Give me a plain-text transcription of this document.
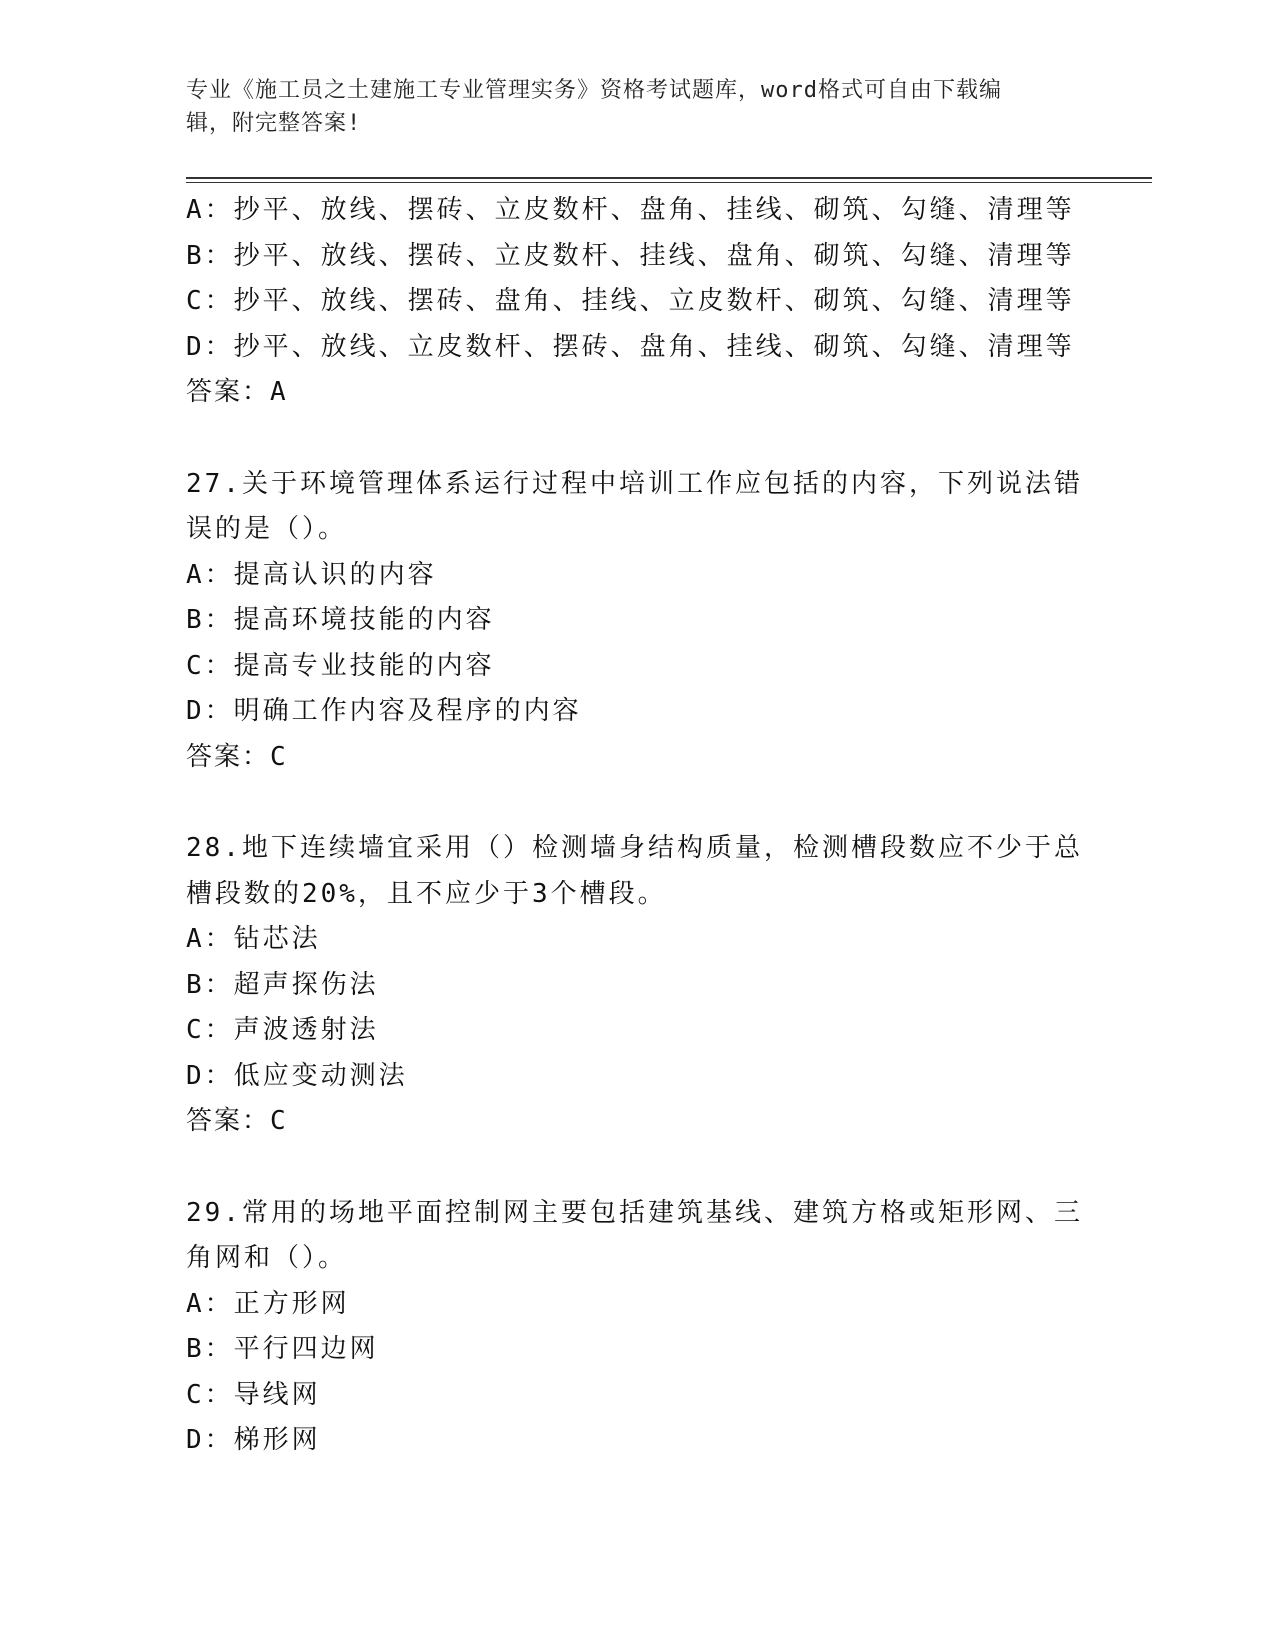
专业《施工员之土建施工专业管理实务》资格考试题库，word格式可自由下载编
辑，附完整答案!
A：抄平、放线、摆砖、立皮数杆、盘角、挂线、砌筑、勾缝、清理等
B：抄平、放线、摆砖、立皮数杆、挂线、盘角、砌筑、勾缝、清理等
C：抄平、放线、摆砖、盘角、挂线、立皮数杆、砌筑、勾缝、清理等
D：抄平、放线、立皮数杆、摆砖、盘角、挂线、砌筑、勾缝、清理等
答案：A
27.关于环境管理体系运行过程中培训工作应包括的内容，下列说法错
误的是（）。
A：提高认识的内容
B：提高环境技能的内容
C：提高专业技能的内容
D：明确工作内容及程序的内容
答案：C
28.地下连续墙宜采用（）检测墙身结构质量，检测槽段数应不少于总
槽段数的20%，且不应少于3个槽段。
A：钻芯法
B：超声探伤法
C：声波透射法
D：低应变动测法
答案：C
29.常用的场地平面控制网主要包括建筑基线、建筑方格或矩形网、三
角网和（）。
A：正方形网
B：平行四边网
C：导线网
D：梯形网
